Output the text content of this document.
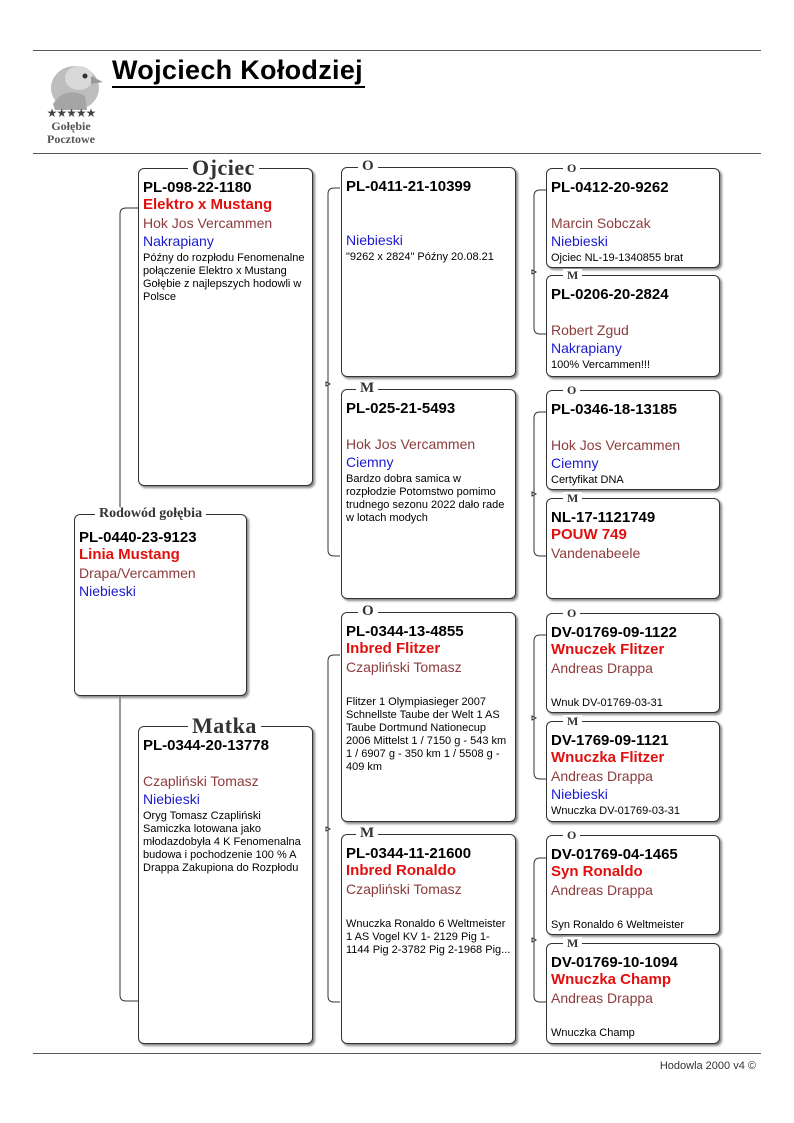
★★★★★
Gołębie
Pocztowe
Wojciech Kołodziej
PL-0440-23-9123
Linia Mustang
Drapa/Vercammen
Niebieski
Rodowód gołębia
PL-098-22-1180
Elektro x Mustang
Hok Jos Vercammen
Nakrapiany
Późny do rozpłodu Fenomenalne połączenie Elektro x Mustang Gołębie z najlepszych hodowli w Polsce
Ojciec
PL-0344-20-13778
Czapliński Tomasz
Niebieski
Oryg Tomasz Czapliński Samiczka lotowana jako młodazdobyła 4 K Fenomenalna budowa i pochodzenie 100 % A Drappa Zakupiona do Rozpłodu
Matka
PL-0411-21-10399
Niebieski
"9262 x 2824" Późny 20.08.21
O
PL-025-21-5493
Hok Jos Vercammen
Ciemny
Bardzo dobra samica w rozpłodzie Potomstwo pomimo trudnego sezonu 2022 dało rade w lotach modych
M
PL-0344-13-4855
Inbred Flitzer
Czapliński Tomasz
Flitzer 1 Olympiasieger 2007 Schnellste Taube der Welt 1 AS Taube Dortmund Nationecup 2006 Mittelst 1 / 7150 g - 543 km 1 / 6907 g - 350 km 1 / 5508 g - 409 km
O
PL-0344-11-21600
Inbred Ronaldo
Czapliński Tomasz
Wnuczka Ronaldo 6 Weltmeister 1 AS Vogel KV 1- 2129 Pig 1-1144 Pig 2-3782 Pig 2-1968 Pig...
M
PL-0412-20-9262
Marcin Sobczak
Niebieski
Ojciec NL-19-1340855 brat
O
PL-0206-20-2824
Robert Zgud
Nakrapiany
100% Vercammen!!!
M
PL-0346-18-13185
Hok Jos Vercammen
Ciemny
Certyfikat DNA
O
NL-17-1121749
POUW 749
Vandenabeele
M
DV-01769-09-1122
Wnuczek Flitzer
Andreas Drappa
Wnuk DV-01769-03-31
O
DV-1769-09-1121
Wnuczka Flitzer
Andreas Drappa
Niebieski
Wnuczka DV-01769-03-31
M
DV-01769-04-1465
Syn Ronaldo
Andreas Drappa
Syn Ronaldo 6 Weltmeister
O
DV-01769-10-1094
Wnuczka Champ
Andreas Drappa
Wnuczka Champ
M
Hodowla 2000 v4 ©
